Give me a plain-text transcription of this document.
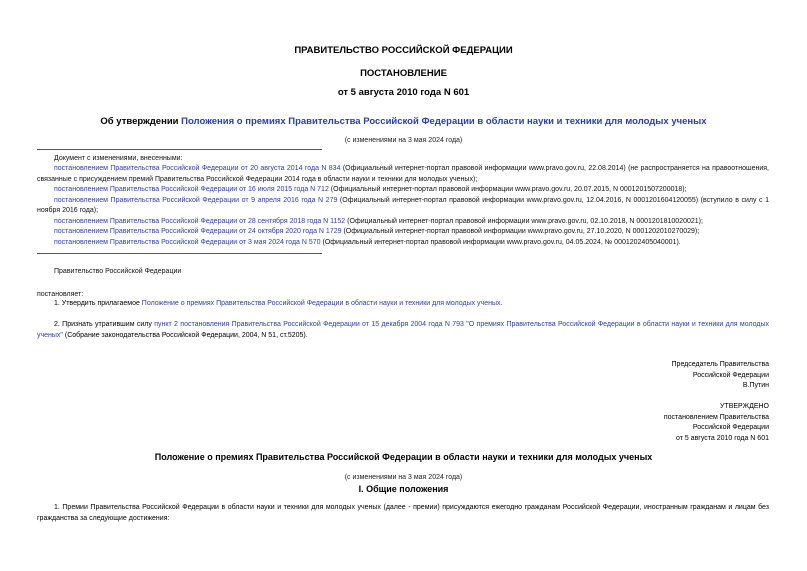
ПРАВИТЕЛЬСТВО РОССИЙСКОЙ ФЕДЕРАЦИИ
ПОСТАНОВЛЕНИЕ
от 5 августа 2010 года N 601
Об утверждении Положения о премиях Правительства Российской Федерации в области науки и техники для молодых ученых
(с изменениями на 3 мая 2024 года)
Документ с изменениями, внесенными:
постановлением Правительства Российской Федерации от 20 августа 2014 года N 834 (Официальный интернет-портал правовой информации www.pravo.gov.ru, 22.08.2014) (не распространяется на правоотношения, связанные с присуждением премий Правительства Российской Федерации 2014 года в области науки и техники для молодых ученых);
постановлением Правительства Российской Федерации от 16 июля 2015 года N 712 (Официальный интернет-портал правовой информации www.pravo.gov.ru, 20.07.2015, N 0001201507200018);
постановлением Правительства Российской Федерации от 9 апреля 2016 года N 279 (Официальный интернет-портал правовой информации www.pravo.gov.ru, 12.04.2016, N 0001201604120055) (вступило в силу с 1 ноября 2016 года);
постановлением Правительства Российской Федерации от 28 сентября 2018 года N 1152 (Официальный интернет-портал правовой информации www.pravo.gov.ru, 02.10.2018, N 0001201810020021);
постановлением Правительства Российской Федерации от 24 октября 2020 года N 1729 (Официальный интернет-портал правовой информации www.pravo.gov.ru, 27.10.2020, N 0001202010270029);
постановлением Правительства Российской Федерации от 3 мая 2024 года N 570 (Официальный интернет-портал правовой информации www.pravo.gov.ru, 04.05.2024, № 0001202405040001).
Правительство Российской Федерации
постановляет:
1. Утвердить прилагаемое Положение о премиях Правительства Российской Федерации в области науки и техники для молодых ученых.
2. Признать утратившим силу пункт 2 постановления Правительства Российской Федерации от 15 декабря 2004 года N 793 "О премиях Правительства Российской Федерации в области науки и техники для молодых ученых" (Собрание законодательства Российской Федерации, 2004, N 51, ст.5205).
Председатель Правительства
Российской Федерации
В.Путин
УТВЕРЖДЕНО
постановлением Правительства
Российской Федерации
от 5 августа 2010 года N 601
Положение о премиях Правительства Российской Федерации в области науки и техники для молодых ученых
(с изменениями на 3 мая 2024 года)
I. Общие положения
1. Премии Правительства Российской Федерации в области науки и техники для молодых ученых (далее - премии) присуждаются ежегодно гражданам Российской Федерации, иностранным гражданам и лицам без гражданства за следующие достижения:
